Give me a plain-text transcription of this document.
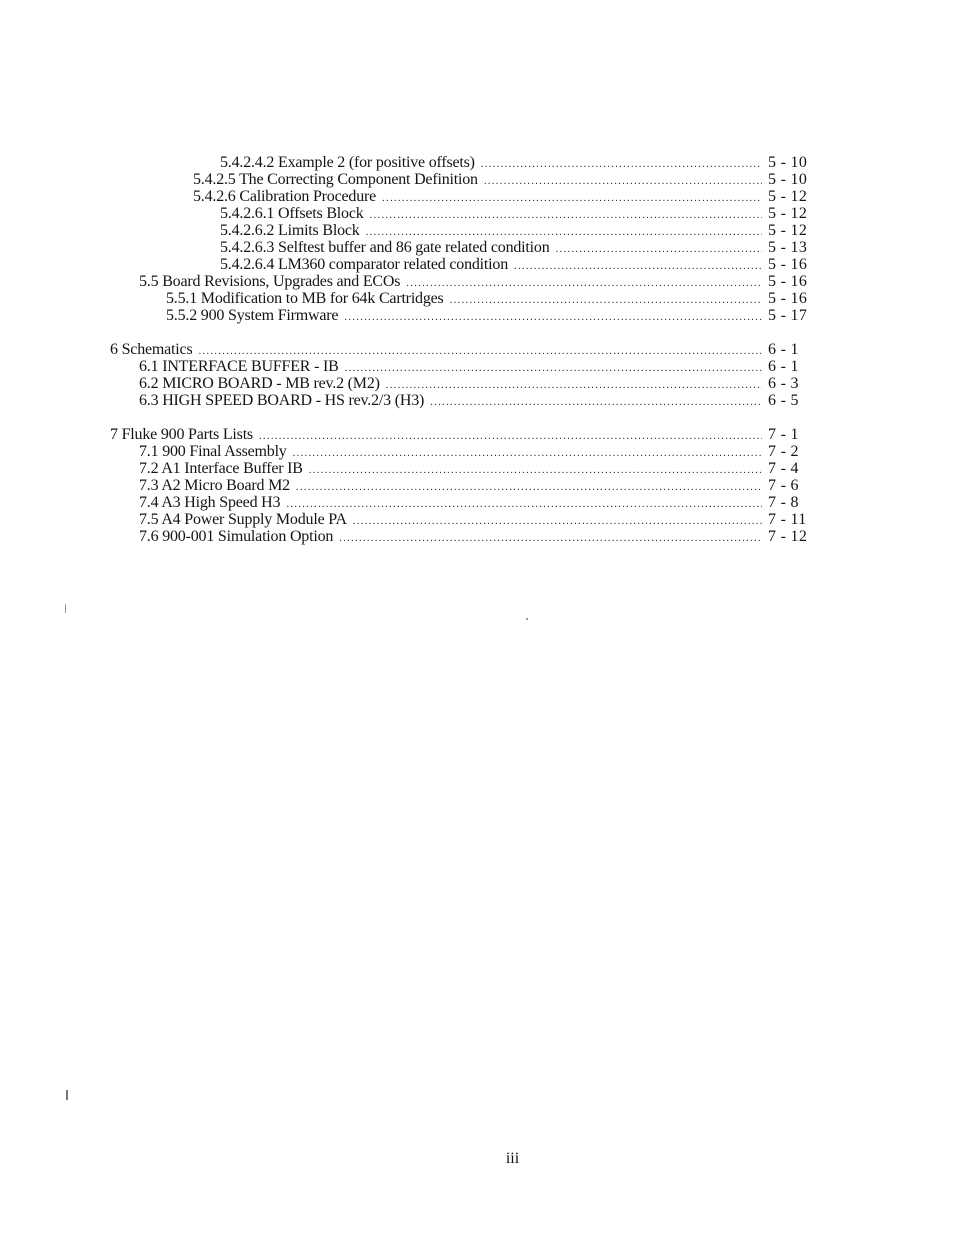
5.4.2.4.2 Example 2 (for positive offsets) .....	5 - 10
5.4.2.5 The Correcting Component Definition .....	5 - 10
5.4.2.6 Calibration Procedure .....	5 - 12
5.4.2.6.1 Offsets Block .....	5 - 12
5.4.2.6.2 Limits Block .....	5 - 12
5.4.2.6.3 Selftest buffer and 86 gate related condition .....	5 - 13
5.4.2.6.4 LM360 comparator related condition .....	5 - 16
5.5 Board Revisions, Upgrades and ECOs .....	5 - 16
5.5.1 Modification to MB for 64k Cartridges .....	5 - 16
5.5.2 900 System Firmware .....	5 - 17
6 Schematics .....	6 - 1
6.1 INTERFACE BUFFER - IB .....	6 - 1
6.2 MICRO BOARD - MB rev.2 (M2) .....	6 - 3
6.3 HIGH SPEED BOARD - HS rev.2/3 (H3) .....	6 - 5
7 Fluke 900 Parts Lists .....	7 - 1
7.1 900 Final Assembly .....	7 - 2
7.2 A1 Interface Buffer IB .....	7 - 4
7.3 A2 Micro Board M2 .....	7 - 6
7.4 A3 High Speed H3 .....	7 - 8
7.5 A4 Power Supply Module PA .....	7 - 11
7.6 900-001 Simulation Option .....	7 - 12
iii
